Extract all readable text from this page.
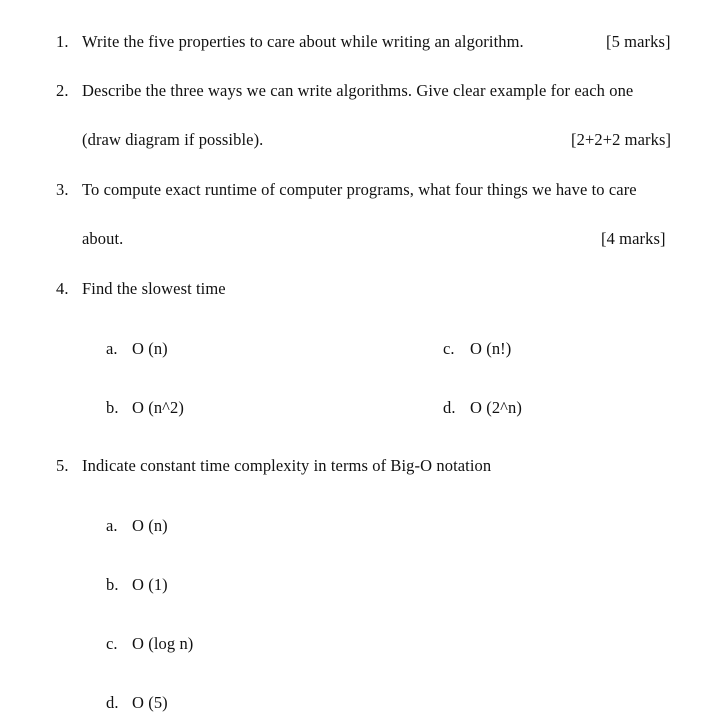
1. Write the five properties to care about while writing an algorithm.	[5 marks]
2. Describe the three ways we can write algorithms. Give clear example for each one
(draw diagram if possible).	[2+2+2 marks]
3. To compute exact runtime of computer programs, what four things we have to care
about.	[4 marks]
4. Find the slowest time
a. O (n)	c. O (n!)
b. O (n^2)	d. O (2^n)
5. Indicate constant time complexity in terms of Big-O notation
a. O (n)
b. O (1)
c. O (log n)
d. O (5)
